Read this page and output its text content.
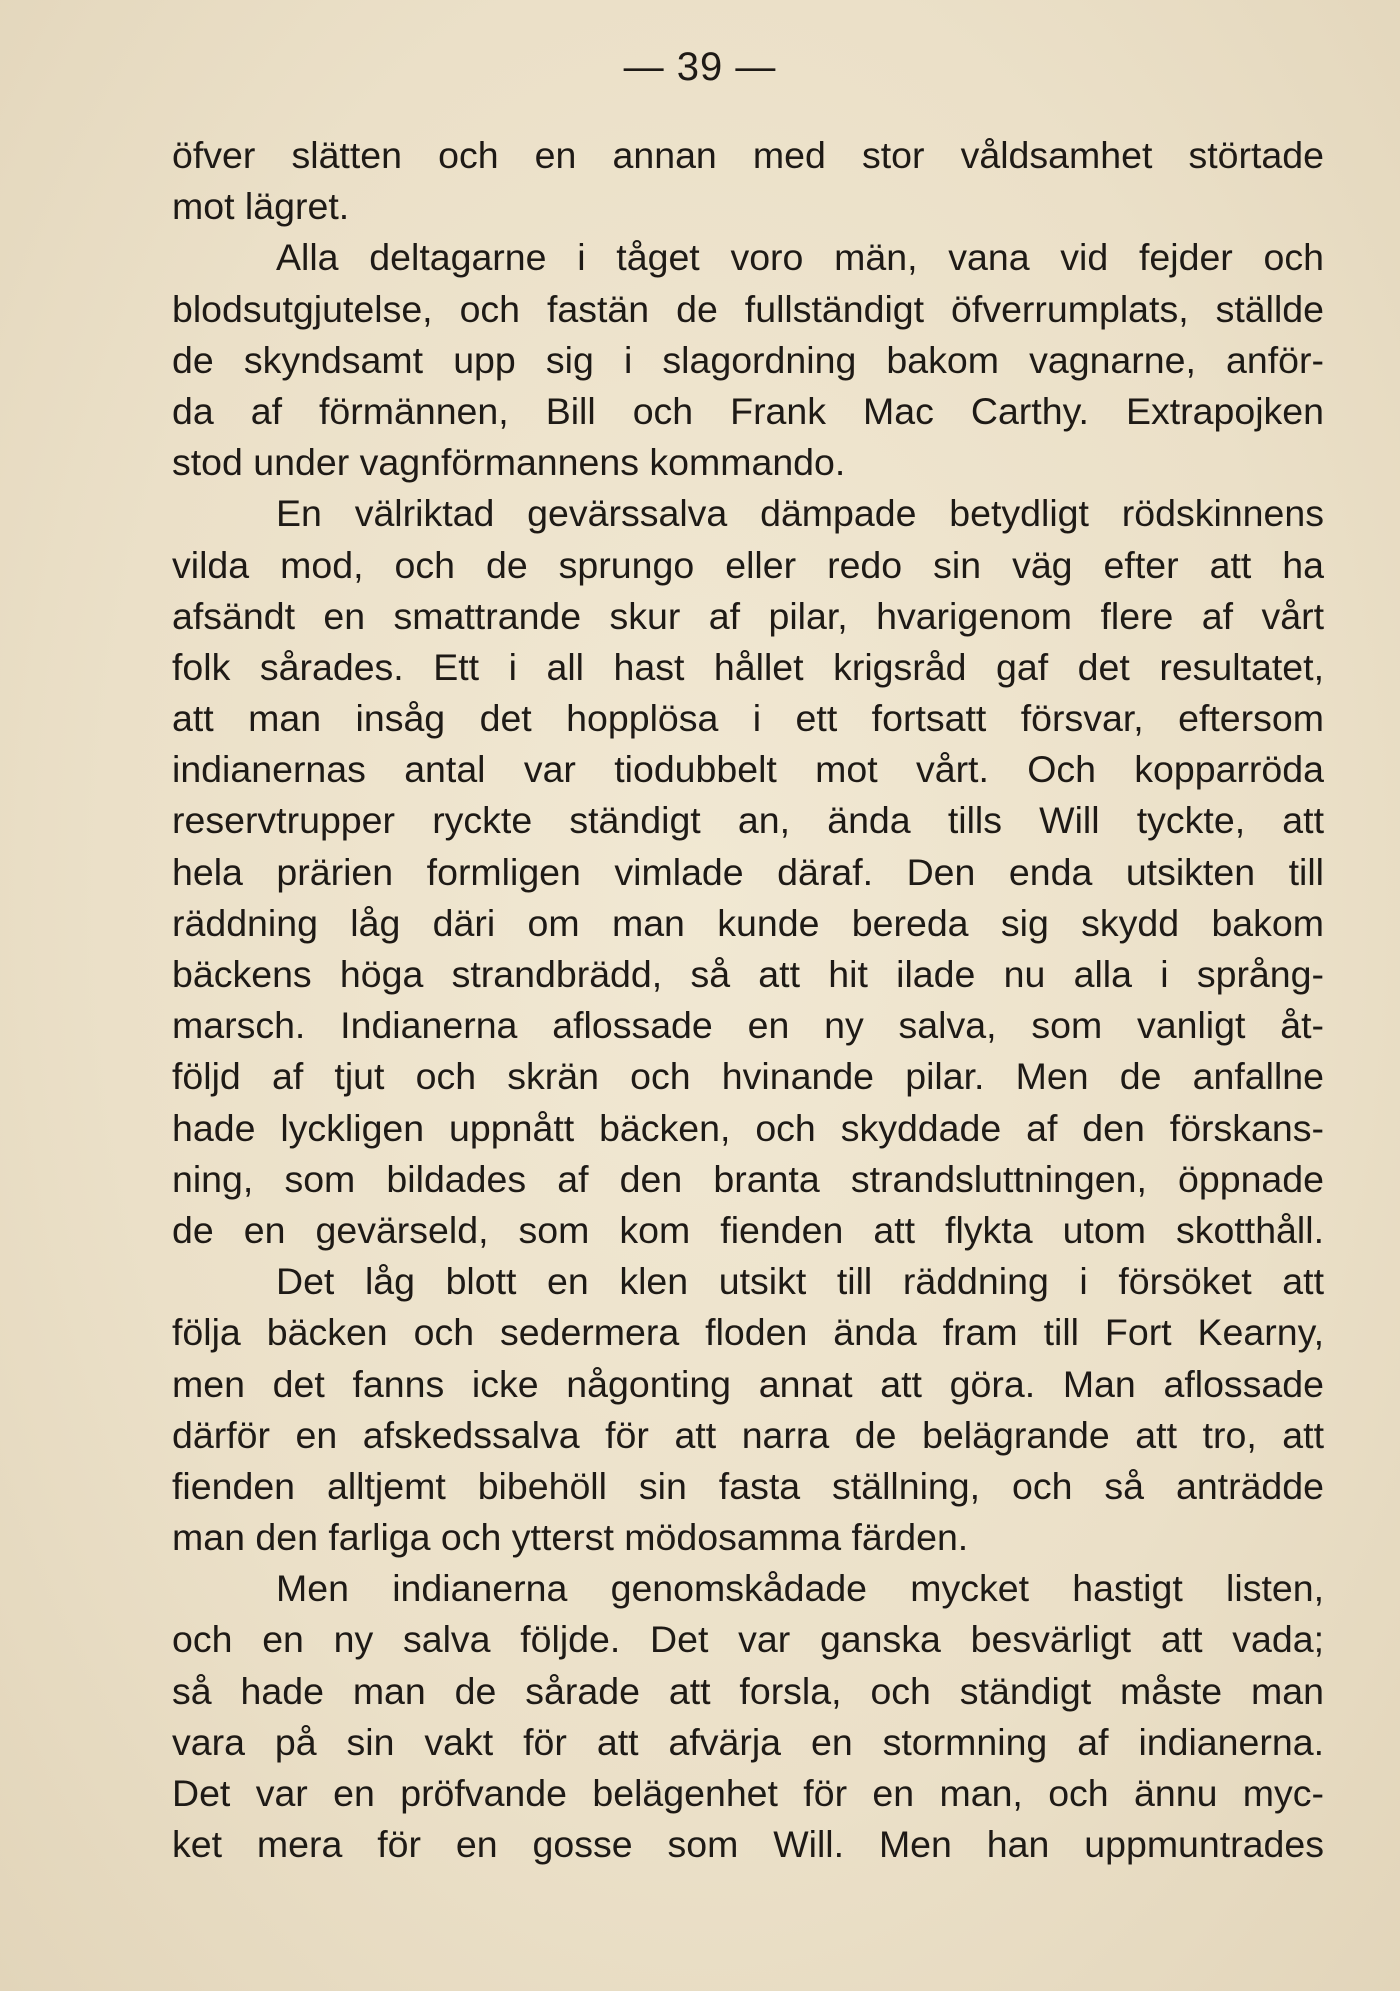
— 39 —
öfver slätten och en annan med stor våldsamhet störtade
mot lägret.
Alla deltagarne i tåget voro män, vana vid fejder och
blodsutgjutelse, och fastän de fullständigt öfverrumplats, ställde
de skyndsamt upp sig i slagordning bakom vagnarne, anför-
da af förmännen, Bill och Frank Mac Carthy. Extrapojken
stod under vagnförmannens kommando.
En välriktad gevärssalva dämpade betydligt rödskinnens
vilda mod, och de sprungo eller redo sin väg efter att ha
afsändt en smattrande skur af pilar, hvarigenom flere af vårt
folk sårades. Ett i all hast hållet krigsråd gaf det resultatet,
att man insåg det hopplösa i ett fortsatt försvar, eftersom
indianernas antal var tiodubbelt mot vårt. Och kopparröda
reservtrupper ryckte ständigt an, ända tills Will tyckte, att
hela prärien formligen vimlade däraf. Den enda utsikten till
räddning låg däri om man kunde bereda sig skydd bakom
bäckens höga strandbrädd, så att hit ilade nu alla i språng-
marsch. Indianerna aflossade en ny salva, som vanligt åt-
följd af tjut och skrän och hvinande pilar. Men de anfallne
hade lyckligen uppnått bäcken, och skyddade af den förskans-
ning, som bildades af den branta strandsluttningen, öppnade
de en gevärseld, som kom fienden att flykta utom skotthåll.
Det låg blott en klen utsikt till räddning i försöket att
följa bäcken och sedermera floden ända fram till Fort Kearny,
men det fanns icke någonting annat att göra. Man aflossade
därför en afskedssalva för att narra de belägrande att tro, att
fienden alltjemt bibehöll sin fasta ställning, och så anträdde
man den farliga och ytterst mödosamma färden.
Men indianerna genomskådade mycket hastigt listen,
och en ny salva följde. Det var ganska besvärligt att vada;
så hade man de sårade att forsla, och ständigt måste man
vara på sin vakt för att afvärja en stormning af indianerna.
Det var en pröfvande belägenhet för en man, och ännu myc-
ket mera för en gosse som Will. Men han uppmuntrades
